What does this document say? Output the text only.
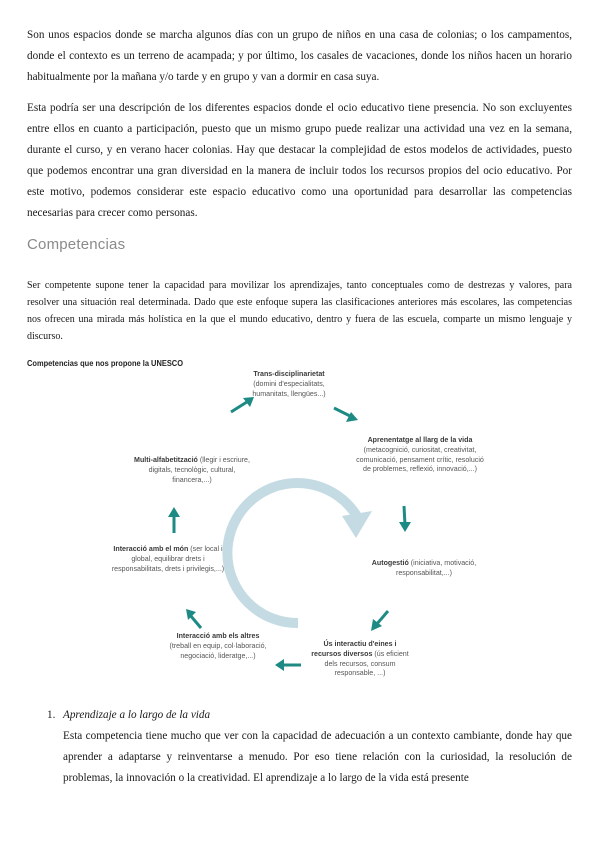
Son unos espacios donde se marcha algunos días con un grupo de niños en una casa de colonias; o los campamentos, donde el contexto es un terreno de acampada; y por último, los casales de vacaciones, donde los niños hacen un horario habitualmente por la mañana y/o tarde y en grupo y van a dormir en casa suya.

Esta podría ser una descripción de los diferentes espacios donde el ocio educativo tiene presencia. No son excluyentes entre ellos en cuanto a participación, puesto que un mismo grupo puede realizar una actividad una vez en la semana, durante el curso, y en verano hacer colonias. Hay que destacar la complejidad de estos modelos de actividades, puesto que podemos encontrar una gran diversidad en la manera de incluir todos los recursos propios del ocio educativo. Por este motivo, podemos considerar este espacio educativo como una oportunidad para desarrollar las competencias necesarias para crecer como personas.

Competencias

Ser competente supone tener la capacidad para movilizar los aprendizajes, tanto conceptuales como de destrezas y valores, para resolver una situación real determinada. Dado que este enfoque supera las clasificaciones anteriores más escolares, las competencias nos ofrecen una mirada más holística en la que el mundo educativo, dentro y fuera de las escuela, comparte un mismo lenguaje y discurso.

Competencias que nos propone la UNESCO

Trans-disciplinarietat
(domini d'especialitats, humanitats, llengües...)
Aprenentatge al llarg de la vida (metacognició, curiositat, creativitat, comunicació, pensament crític, resolució de problemes, reflexió, innovació,...)
Autogestió (iniciativa, motivació, responsabilitat,...)
Ús interactiu d'eines i recursos diversos (ús eficient dels recursos, consum responsable, ...)
Interacció amb els altres (treball en equip, col·laboració, negociació, lideratge,...)
Interacció amb el món (ser local i global, equilibrar drets i responsabilitats, drets i privilegis,...)
Multi-alfabetització (llegir i escriure, digitals, tecnològic, cultural, financera,...)
1. Aprendizaje a lo largo de la vida
Esta competencia tiene mucho que ver con la capacidad de adecuación a un contexto cambiante, donde hay que aprender a adaptarse y reinventarse a menudo. Por eso tiene relación con la curiosidad, la resolución de problemas, la innovación o la creatividad. El aprendizaje a lo largo de la vida está presente
